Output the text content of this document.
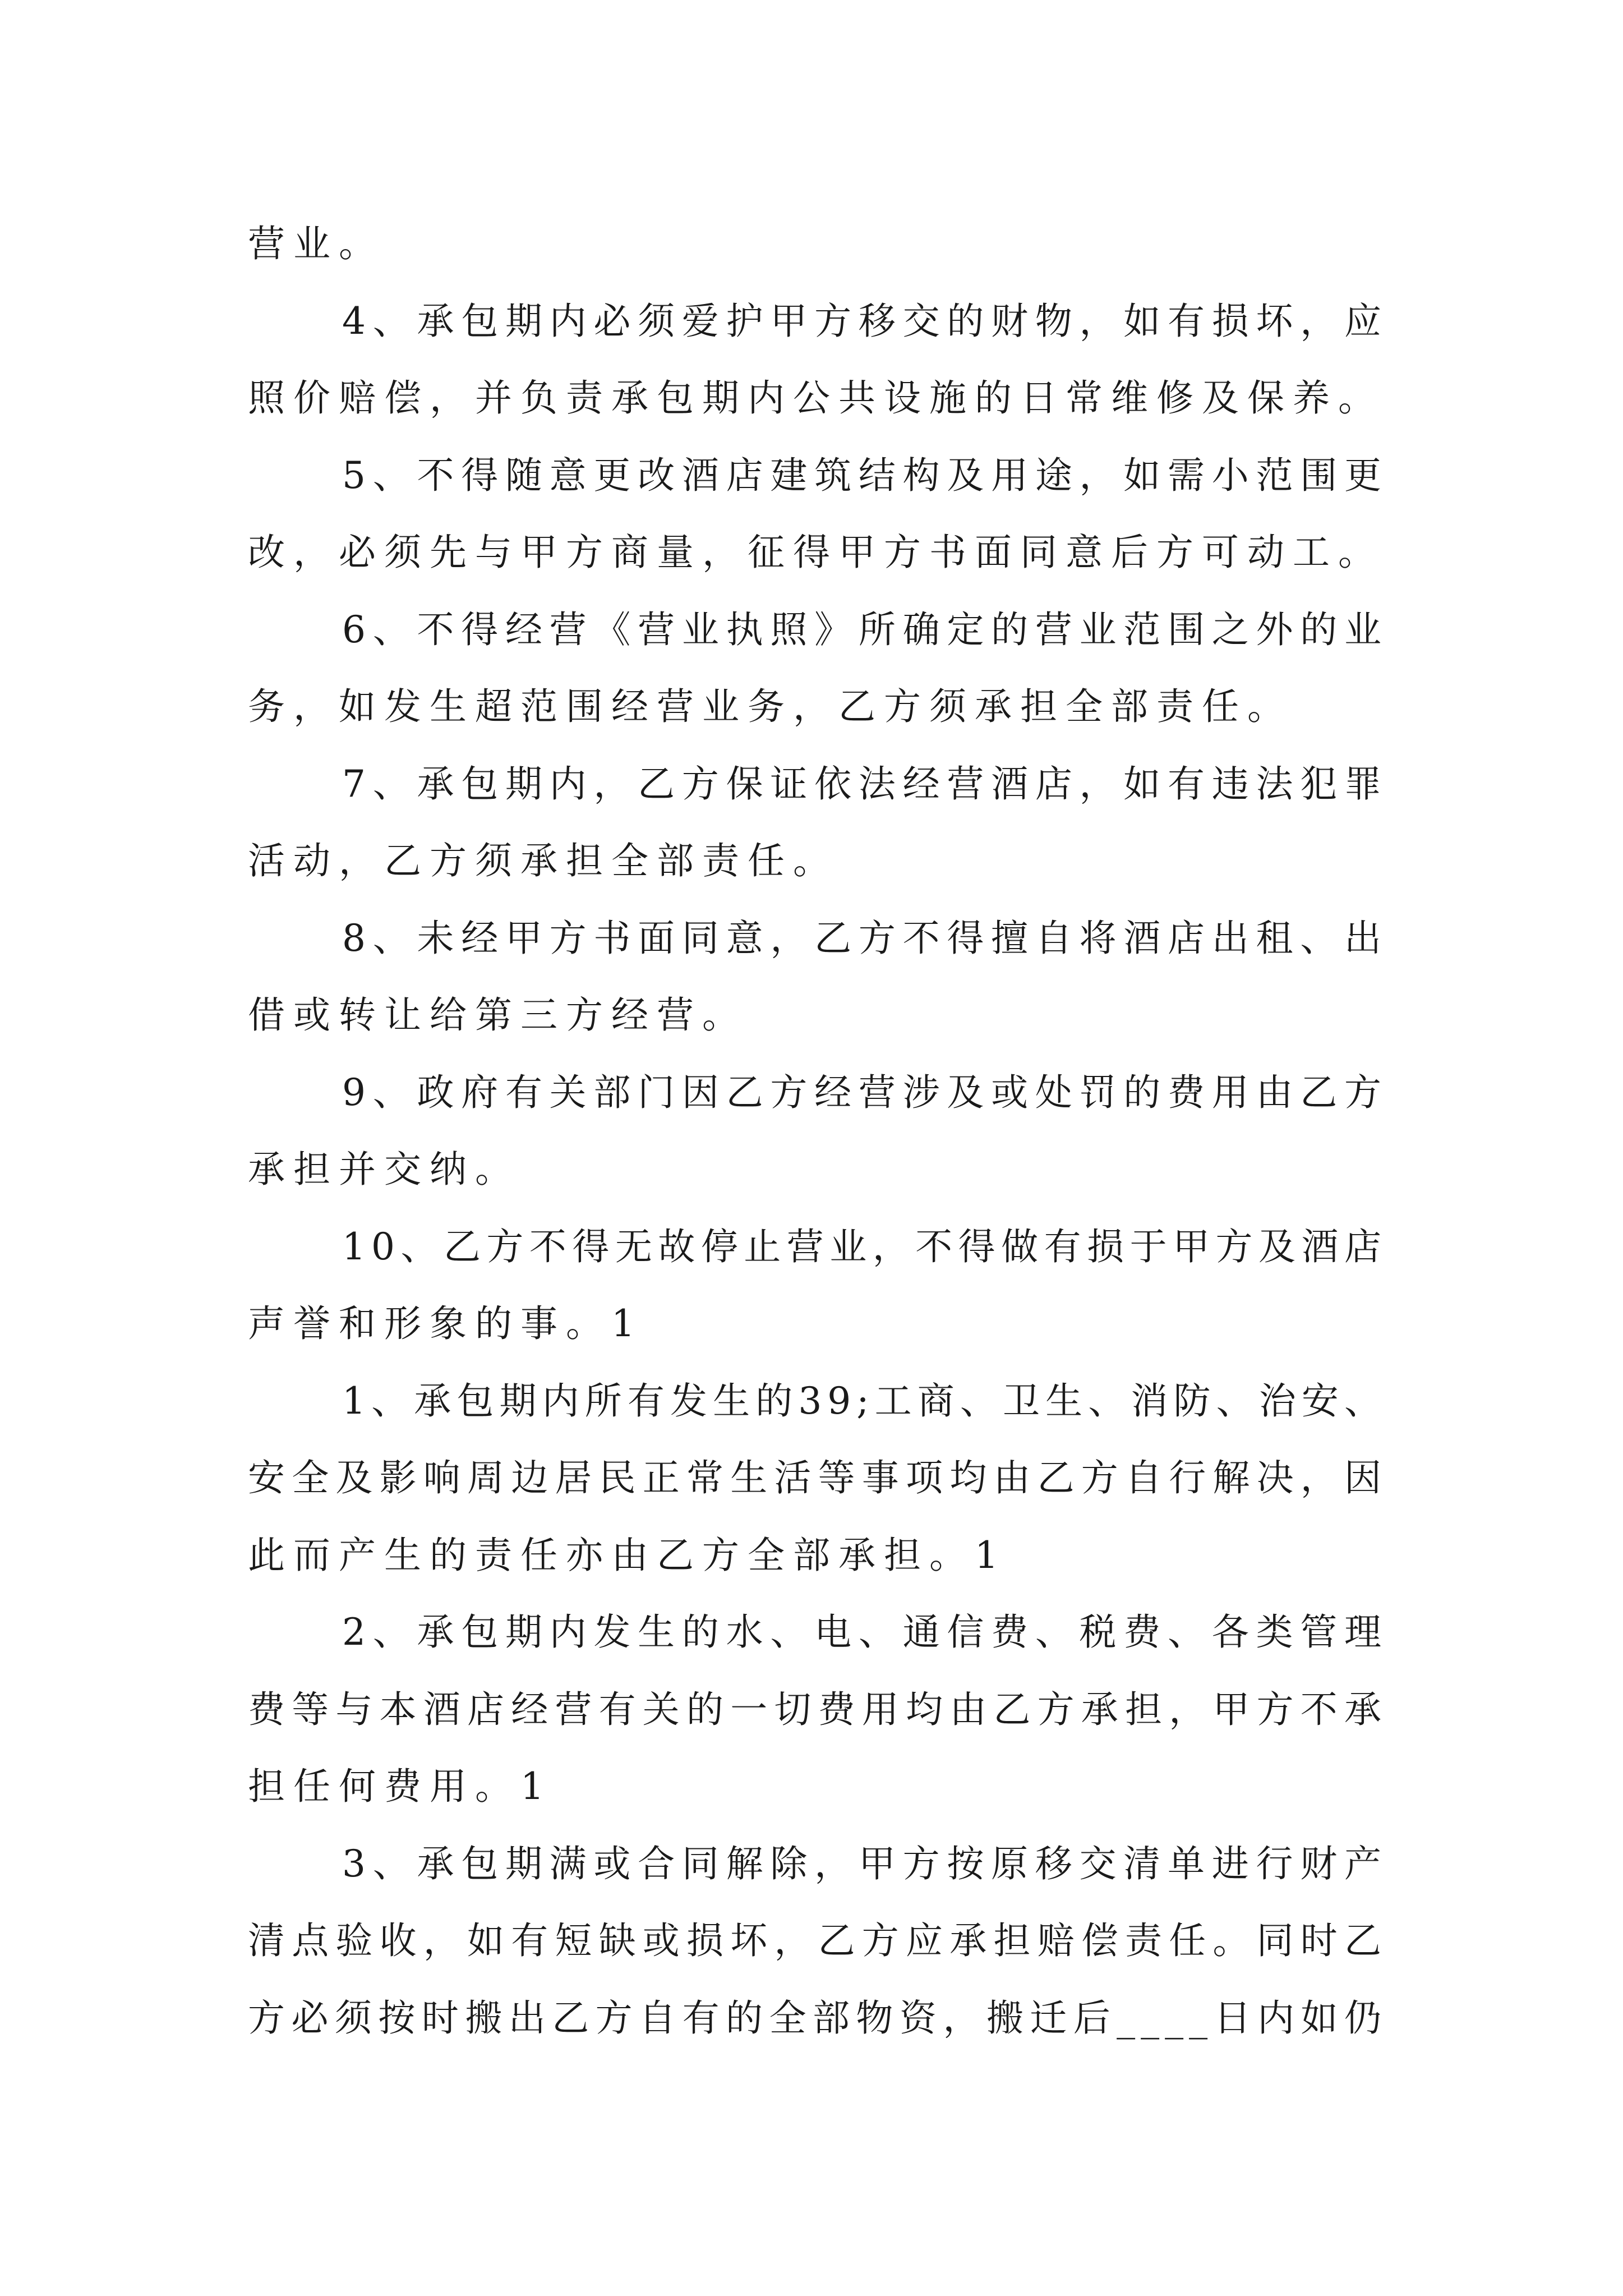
营业。
4、承包期内必须爱护甲方移交的财物，如有损坏，应
照价赔偿，并负责承包期内公共设施的日常维修及保养。
5、不得随意更改酒店建筑结构及用途，如需小范围更
改，必须先与甲方商量，征得甲方书面同意后方可动工。
6、不得经营《营业执照》所确定的营业范围之外的业
务，如发生超范围经营业务，乙方须承担全部责任。
7、承包期内，乙方保证依法经营酒店，如有违法犯罪
活动，乙方须承担全部责任。
8、未经甲方书面同意，乙方不得擅自将酒店出租、出
借或转让给第三方经营。
9、政府有关部门因乙方经营涉及或处罚的费用由乙方
承担并交纳。
10、乙方不得无故停止营业，不得做有损于甲方及酒店
声誉和形象的事。1
1、承包期内所有发生的39;工商、卫生、消防、治安、
安全及影响周边居民正常生活等事项均由乙方自行解决，因
此而产生的责任亦由乙方全部承担。1
2、承包期内发生的水、电、通信费、税费、各类管理
费等与本酒店经营有关的一切费用均由乙方承担，甲方不承
担任何费用。1
3、承包期满或合同解除，甲方按原移交清单进行财产
清点验收，如有短缺或损坏，乙方应承担赔偿责任。同时乙
方必须按时搬出乙方自有的全部物资，搬迁后____日内如仍
